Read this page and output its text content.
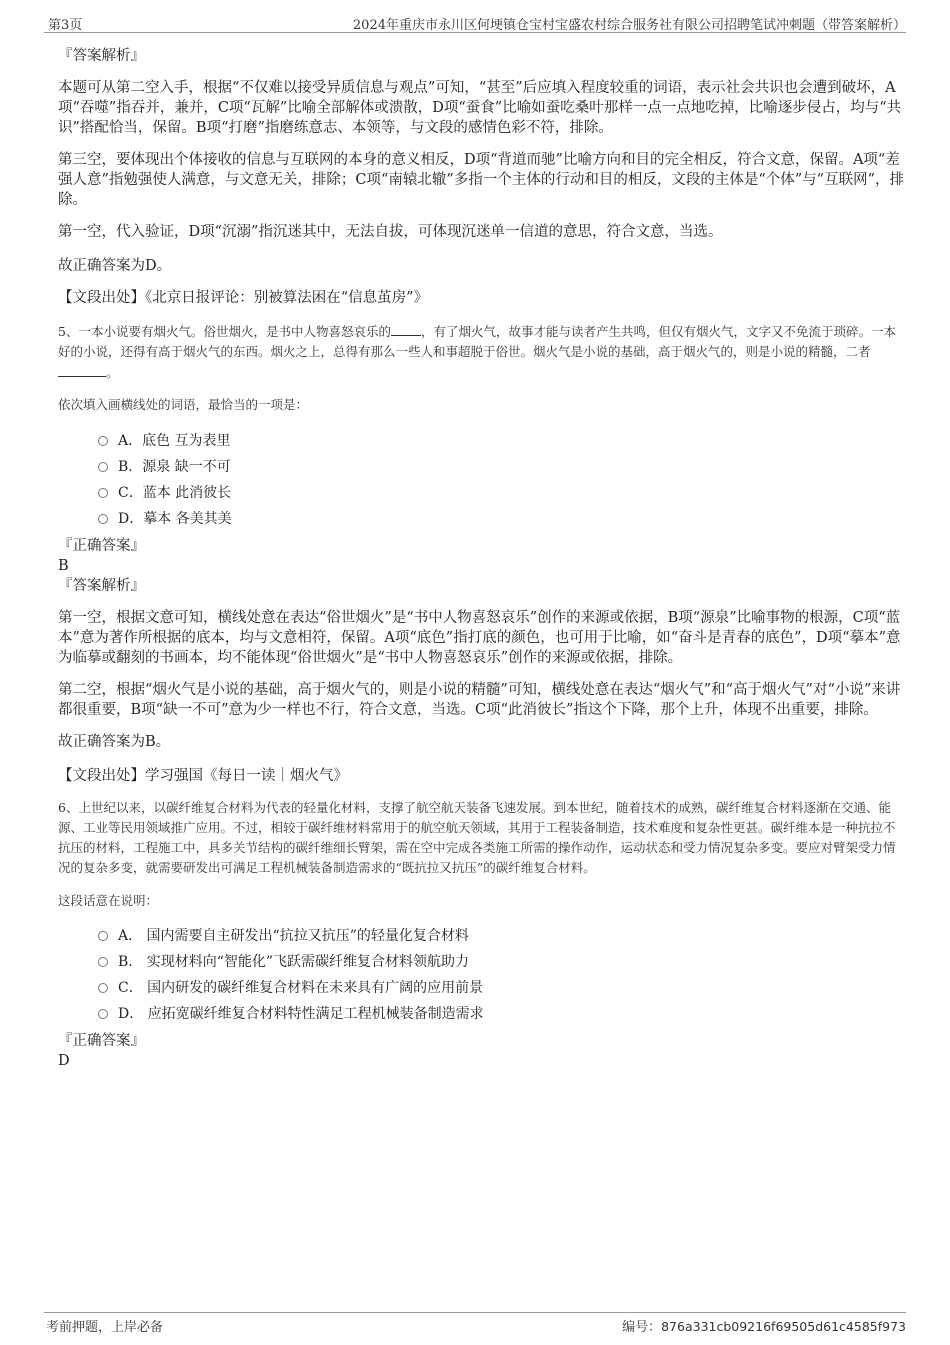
第3页	2024年重庆市永川区何埂镇仓宝村宝盛农村综合服务社有限公司招聘笔试冲刺题（带答案解析）
『答案解析』

本题可从第二空入手，根据“不仅难以接受异质信息与观点”可知，“甚至”后应填入程度较重的词语，表示社会共识也会遭到破坏，A项“吞噬”指吞并，兼并，C项“瓦解”比喻全部解体或溃散，D项“蚕食”比喻如蚕吃桑叶那样一点一点地吃掉，比喻逐步侵占，均与“共识”搭配恰当，保留。B项“打磨”指磨练意志、本领等，与文段的感情色彩不符，排除。

第三空，要体现出个体接收的信息与互联网的本身的意义相反，D项“背道而驰”比喻方向和目的完全相反，符合文意，保留。A项“差强人意”指勉强使人满意，与文意无关，排除；C项“南辕北辙”多指一个主体的行动和目的相反，文段的主体是“个体”与“互联网”，排除。

第一空，代入验证，D项“沉溺”指沉迷其中，无法自拔，可体现沉迷单一信道的意思，符合文意，当选。

故正确答案为D。

【文段出处】《北京日报评论：别被算法困在“信息茧房”》

5、一本小说要有烟火气。俗世烟火，是书中人物喜怒哀乐的 ，有了烟火气，故事才能与读者产生共鸣，但仅有烟火气，文字又不免流于琐碎。一本好的小说，还得有高于烟火气的东西。烟火之上，总得有那么一些人和事超脱于俗世。烟火气是小说的基础，高于烟火气的，则是小说的精髓，二者。

依次填入画横线处的词语，最恰当的一项是：

A．底色 互为表里
B．源泉 缺一不可
C．蓝本 此消彼长
D．摹本 各美其美
『正确答案』
B
『答案解析』

第一空，根据文意可知，横线处意在表达“俗世烟火”是“书中人物喜怒哀乐”创作的来源或依据，B项“源泉”比喻事物的根源，C项“蓝本”意为著作所根据的底本，均与文意相符，保留。A项“底色”指打底的颜色，也可用于比喻，如“奋斗是青春的底色”，D项“摹本”意为临摹或翻刻的书画本，均不能体现“俗世烟火”是“书中人物喜怒哀乐”创作的来源或依据，排除。

第二空，根据“烟火气是小说的基础，高于烟火气的，则是小说的精髓”可知，横线处意在表达“烟火气”和“高于烟火气”对“小说”来讲都很重要，B项“缺一不可”意为少一样也不行，符合文意，当选。C项“此消彼长”指这个下降，那个上升，体现不出重要，排除。

故正确答案为B。

【文段出处】学习强国《每日一读｜烟火气》

6、上世纪以来，以碳纤维复合材料为代表的轻量化材料，支撑了航空航天装备飞速发展。到本世纪，随着技术的成熟，碳纤维复合材料逐渐在交通、能源、工业等民用领域推广应用。不过，相较于碳纤维材料常用于的航空航天领域，其用于工程装备制造，技术难度和复杂性更甚。碳纤维本是一种抗拉不抗压的材料，工程施工中，具多关节结构的碳纤维细长臂架，需在空中完成各类施工所需的操作动作，运动状态和受力情况复杂多变。要应对臂架受力情况的复杂多变，就需要研发出可满足工程机械装备制造需求的“既抗拉又抗压”的碳纤维复合材料。

这段话意在说明：

A． 国内需要自主研发出“抗拉又抗压”的轻量化复合材料
B． 实现材料向“智能化”飞跃需碳纤维复合材料领航助力
C． 国内研发的碳纤维复合材料在未来具有广阔的应用前景
D． 应拓宽碳纤维复合材料特性满足工程机械装备制造需求
『正确答案』
D
考前押题，上岸必备	编号：876a331cb09216f69505d61c4585f973
